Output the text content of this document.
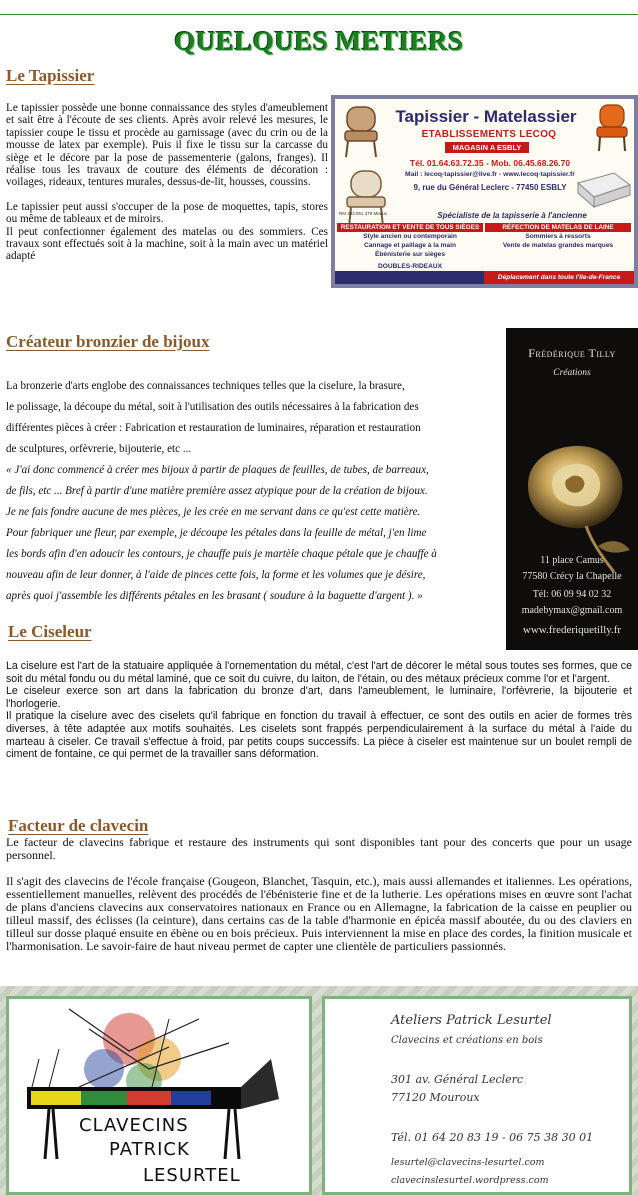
QUELQUES METIERS
Le Tapissier

Le tapissier possède une bonne connaissance des styles d'ameublement et sait être à l'écoute de ses clients. Après avoir relevé les mesures, le tapissier coupe le tissu et procède au garnissage (avec du crin ou de la mousse de latex par exemple). Puis il fixe le tissu sur la carcasse du siège et le décore par la pose de passementerie (galons, franges). Il réalise tous les travaux de couture des éléments de décoration : voilages, rideaux, tentures murales, dessus-de-lit, housses, coussins.

Le tapissier peut aussi s'occuper de la pose de moquettes, tapis, stores ou même de tableaux et de miroirs.

Il peut confectionner également des matelas ou des sommiers. Ces travaux sont effectués soit à la machine, soit à la main avec un matériel adapté

Tapissier - Matelassier
ETABLISSEMENTS LECOQ
MAGASIN A ESBLY
Tél. 01.64.63.72.35 - Mob. 06.45.68.26.70
Mail : lecoq-tapissier@live.fr - www.lecoq-tapissier.fr
9, rue du Général Leclerc - 77450 ESBLY
RM 483.851.379 Meaux	Spécialiste de la tapisserie à l'ancienne
RESTAURATION ET VENTE DE TOUS SIÈGES
Style ancien ou contemporain
Cannage et paillage à la main
Ébénisterie sur sièges
DOUBLES-RIDEAUX
RÉFECTION DE MATELAS DE LAINE
Sommiers à ressorts
Vente de matelas grandes marques
Déplacement dans toute l'Ile-de-France
Créateur bronzier de bijoux
La bronzerie d'arts englobe des connaissances techniques telles que la ciselure, la brasure,
le polissage, la découpe du métal, soit à l'utilisation des outils nécessaires à la fabrication des
différentes pièces à créer : Fabrication et restauration de luminaires, réparation et restauration
de sculptures, orfèvrerie, bijouterie, etc ...
« J'ai donc commencé à créer mes bijoux à partir de plaques de feuilles, de tubes, de barreaux,
de fils, etc ... Bref à partir d'une matière première assez atypique pour de la création de bijoux.
Je ne fais fondre aucune de mes pièces, je les crée en me servant dans ce qu'est cette matière.
Pour fabriquer une fleur, par exemple, je découpe les pétales dans la feuille de métal, j'en lime
les bords afin d'en adoucir les contours, je chauffe puis je martèle chaque pétale que je chauffe à
nouveau afin de leur donner, à l'aide de pinces cette fois, la forme et les volumes que je désire,
après quoi j'assemble les différents pétales en les brasant ( soudure à la baguette d'argent ). »
Frédérique Tilly
Créations
11 place Camus
77580 Crécy la Chapelle
Tél: 06 09 94 02 32
madebymax@gmail.com
www.frederiquetilly.fr
Le Ciseleur

La ciselure est l'art de la statuaire appliquée à l'ornementation du métal, c'est l'art de décorer le métal sous toutes ses formes, que ce soit du métal fondu ou du métal laminé, que ce soit du cuivre, du laiton, de l'étain, ou des métaux précieux comme l'or et l'argent.

Le ciseleur exerce son art dans la fabrication du bronze d'art, dans l'ameublement, le luminaire, l'orfèvrerie, la bijouterie et l'horlogerie.

Il pratique la ciselure avec des ciselets qu'il fabrique en fonction du travail à effectuer, ce sont des outils en acier de formes très diverses, à tête adaptée aux motifs souhaités. Les ciselets sont frappés perpendiculairement à la surface du métal à l'aide du marteau à ciseler. Ce travail s'effectue à froid, par petits coups successifs. La pièce à ciseler est maintenue sur un boulet rempli de ciment de fontaine, ce qui permet de la travailler sans déformation.

Facteur de clavecin

Le facteur de clavecins fabrique et restaure des instruments qui sont disponibles tant pour des concerts que pour un usage personnel.

Il s'agit des clavecins de l'école française (Gougeon, Blanchet, Tasquin, etc.), mais aussi allemandes et italiennes. Les opérations, essentiellement manuelles, relèvent des procédés de l'ébénisterie fine et de la lutherie. Les opérations mises en œuvre sont l'achat de plans d'anciens clavecins aux conservatoires nationaux en France ou en Allemagne, la fabrication de la caisse en peuplier ou tilleul massif, des éclisses (la ceinture), dans certains cas de la table d'harmonie en épicéa massif aboutée, du ou des claviers en tilleul sur dosse plaqué ensuite en ébène ou en bois précieux. Puis interviennent la mise en place des cordes, la finition musicale et l'harmonisation. Le savoir-faire de haut niveau permet de capter une clientèle de particuliers passionnés.

CLAVECINS
PATRICK
LESURTEL
Ateliers Patrick Lesurtel
Clavecins et créations en bois
301 av. Général Leclerc
77120 Mouroux
Tél. 01 64 20 83 19 - 06 75 38 30 01
lesurtel@clavecins-lesurtel.com
clavecinslesurtel.wordpress.com
